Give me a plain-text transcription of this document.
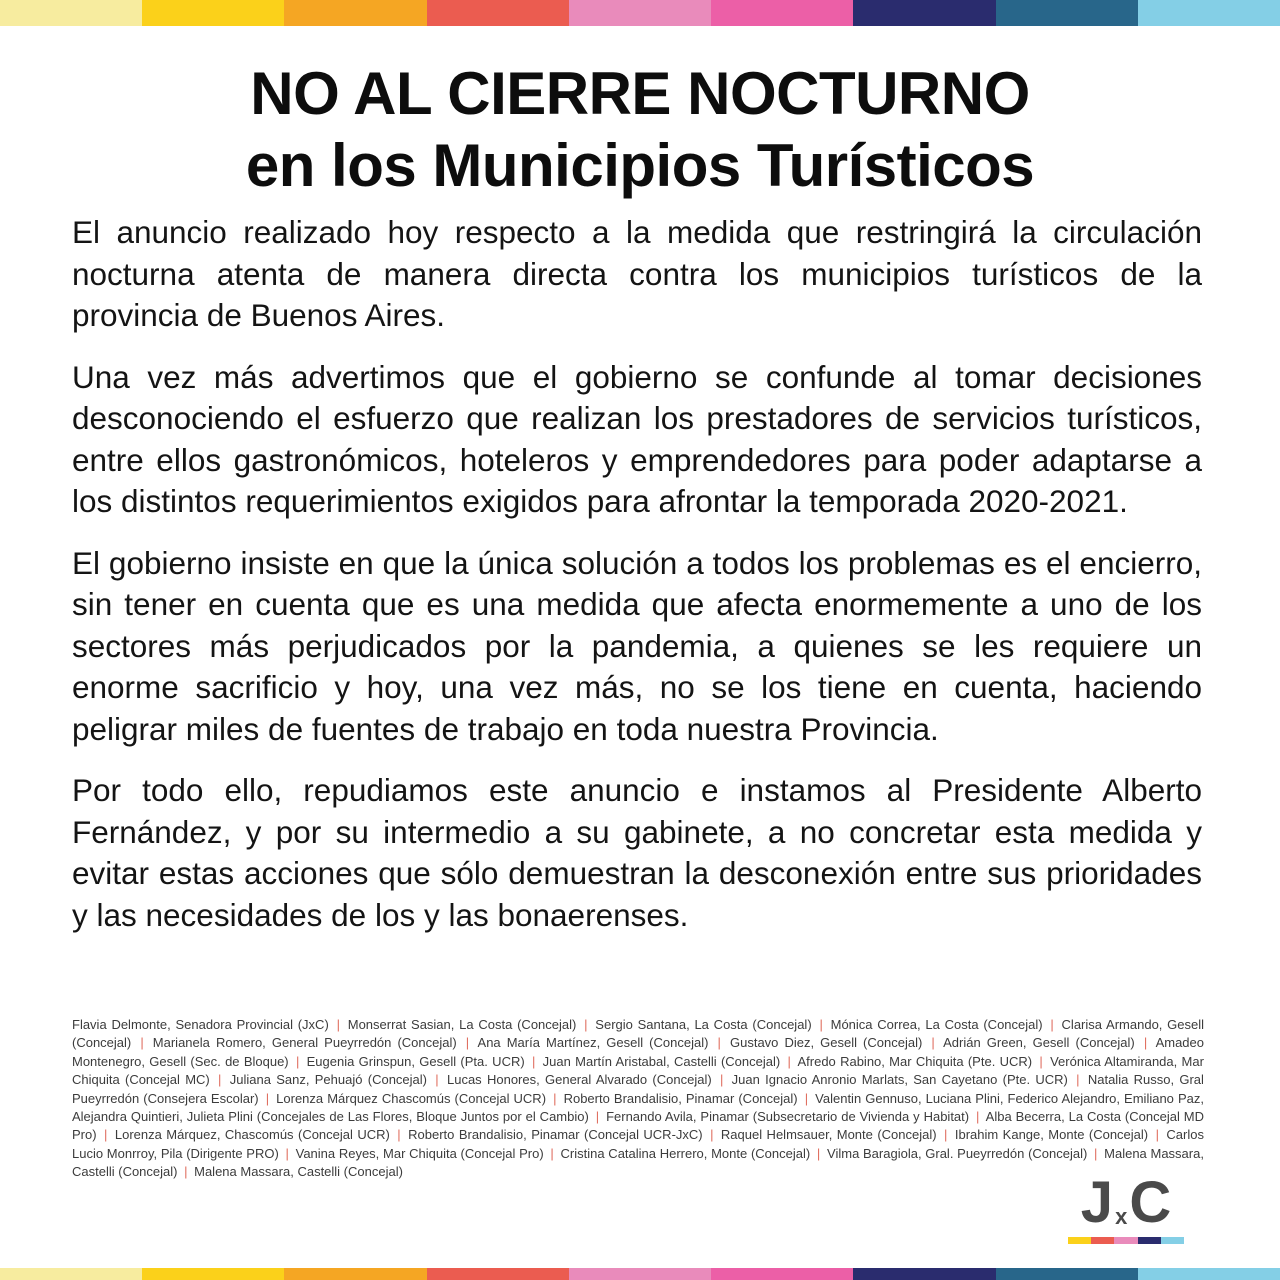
NO AL CIERRE NOCTURNO
en los Municipios Turísticos

El anuncio realizado hoy respecto a la medida que restringirá la circulación nocturna atenta de manera directa contra los municipios turísticos de la provincia de Buenos Aires.

Una vez más advertimos que el gobierno se confunde al tomar decisiones desconociendo el esfuerzo que realizan los prestadores de servicios turísticos, entre ellos gastronómicos, hoteleros y emprendedores para poder adaptarse a los distintos requerimientos exigidos para afrontar la temporada 2020-2021.

El gobierno insiste en que la única solución a todos los problemas es el encierro, sin tener en cuenta que es una medida que afecta enormemente a uno de los sectores más perjudicados por la pandemia, a quienes se les requiere un enorme sacrificio y hoy, una vez más, no se los tiene en cuenta, haciendo peligrar miles de fuentes de trabajo en toda nuestra Provincia.

Por todo ello, repudiamos este anuncio e instamos al Presidente Alberto Fernández, y por su intermedio a su gabinete, a no concretar esta medida y evitar estas acciones que sólo demuestran la desconexión entre sus prioridades y las necesidades de los y las bonaerenses.

Flavia Delmonte, Senadora Provincial (JxC) | Monserrat Sasian, La Costa (Concejal) | Sergio Santana, La Costa (Concejal) | Mónica Correa, La Costa (Concejal) | Clarisa Armando, Gesell (Concejal) | Marianela Romero, General Pueyrredón (Concejal) | Ana María Martínez, Gesell (Concejal) | Gustavo Diez, Gesell (Concejal) | Adrián Green, Gesell (Concejal) | Amadeo Montenegro, Gesell (Sec. de Bloque) | Eugenia Grinspun, Gesell (Pta. UCR) | Juan Martín Aristabal, Castelli (Concejal) | Afredo Rabino, Mar Chiquita (Pte. UCR) | Verónica Altamiranda, Mar Chiquita (Concejal MC) | Juliana Sanz, Pehuajó (Concejal) | Lucas Honores, General Alvarado (Concejal) | Juan Ignacio Anronio Marlats, San Cayetano (Pte. UCR) | Natalia Russo, Gral Pueyrredón (Consejera Escolar) | Lorenza Márquez Chascomús (Concejal UCR) | Roberto Brandalisio, Pinamar (Concejal) | Valentin Gennuso, Luciana Plini, Federico Alejandro, Emiliano Paz, Alejandra Quintieri, Julieta Plini (Concejales de Las Flores, Bloque Juntos por el Cambio) | Fernando Avila, Pinamar (Subsecretario de Vivienda y Habitat) | Alba Becerra, La Costa (Concejal MD Pro) | Lorenza Márquez, Chascomús (Concejal UCR) | Roberto Brandalisio, Pinamar (Concejal UCR-JxC) | Raquel Helmsauer, Monte (Concejal) | Ibrahim Kange, Monte (Concejal) | Carlos Lucio Monrroy, Pila (Dirigente PRO) | Vanina Reyes, Mar Chiquita (Concejal Pro) | Cristina Catalina Herrero, Monte (Concejal) | Vilma Baragiola, Gral. Pueyrredón (Concejal) | Malena Massara, Castelli (Concejal) | Malena Massara, Castelli (Concejal)	J x C
